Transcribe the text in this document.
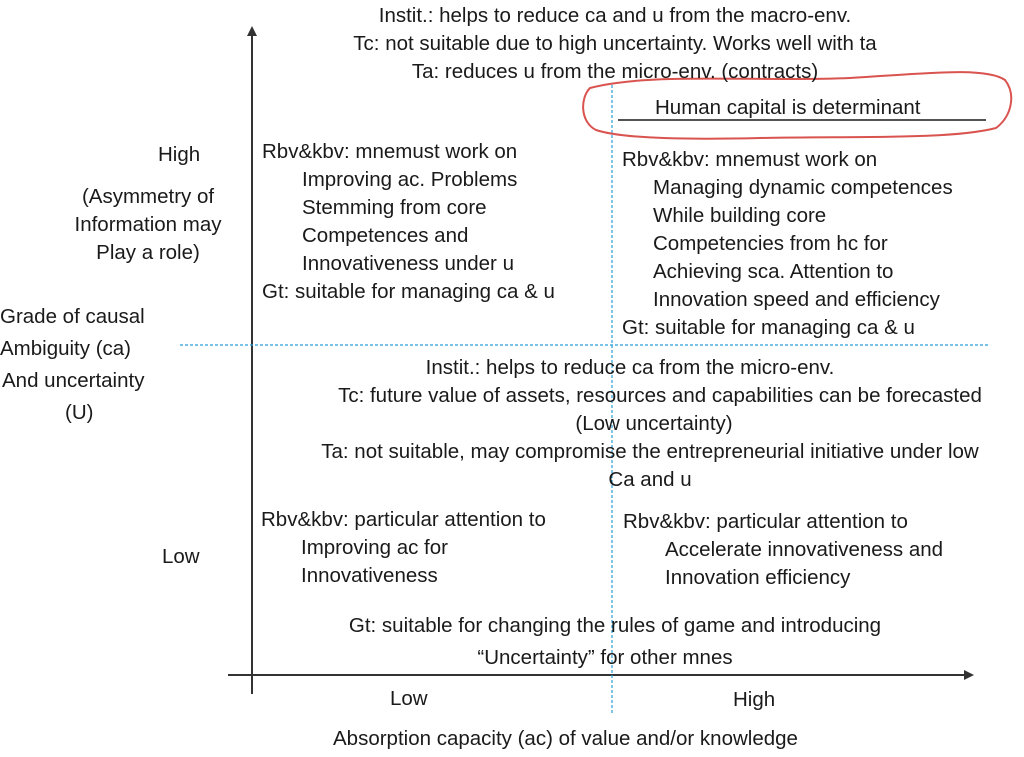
Instit.: helps to reduce ca and u from the macro-env.
Tc: not suitable due to high uncertainty. Works well with ta
Ta: reduces u from the micro-env. (contracts)
Human capital is determinant
High
(Asymmetry of
Information may
Play a role)
Grade of causal
Ambiguity (ca)
And uncertainty
(U)
Low
Rbv&kbv: mnemust work on
Improving ac. Problems
Stemming from core
Competences and
Innovativeness under u
Gt: suitable for managing ca & u
Rbv&kbv: mnemust work on
Managing dynamic competences
While building core
Competencies from hc for
Achieving sca. Attention to
Innovation speed and efficiency
Gt: suitable for managing ca & u
Instit.: helps to reduce ca from the micro-env.
Tc: future value of assets, resources and capabilities can be forecasted
(Low uncertainty)
Ta: not suitable, may compromise the entrepreneurial initiative under low
Ca and u
Rbv&kbv: particular attention to
Improving ac for
Innovativeness
Rbv&kbv: particular attention to
Accelerate innovativeness and
Innovation efficiency
Gt: suitable for changing the rules of game and introducing
“Uncertainty” for other mnes
Low	High
Absorption capacity (ac) of value and/or knowledge
